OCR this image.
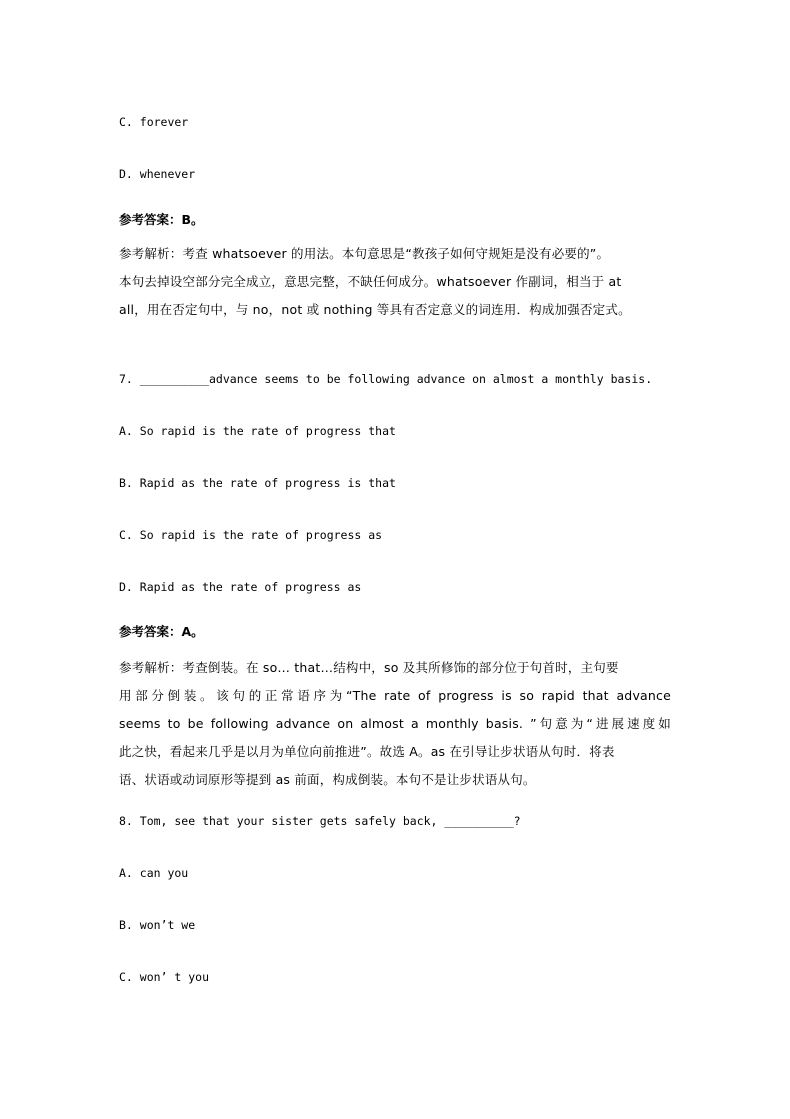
C. forever
D. whenever
参考答案：B。
参考解析：考查 whatsoever 的用法。本句意思是“教孩子如何守规矩是没有必要的”。
本句去掉设空部分完全成立，意思完整，不缺任何成分。whatsoever 作副词，相当于 at
all，用在否定句中，与 no，not 或 nothing 等具有否定意义的词连用．构成加强否定式。
7. __________advance seems to be following advance on almost a monthly basis.
A. So rapid is the rate of progress that
B. Rapid as the rate of progress is that
C. So rapid is the rate of progress as
D. Rapid as the rate of progress as
参考答案：A。
参考解析：考查倒装。在 so… that…结构中，so 及其所修饰的部分位于句首时，主句要
用部分倒装。该句的正常语序为“The rate of progress is so rapid that advance
seems to be following advance on almost a monthly basis. ”句意为“进展速度如
此之快，看起来几乎是以月为单位向前推进”。故选 A。as 在引导让步状语从句时．将表
语、状语或动词原形等提到 as 前面，构成倒装。本句不是让步状语从句。
8. Tom, see that your sister gets safely back, __________?
A. can you
B. won’t we
C. won’ t you
